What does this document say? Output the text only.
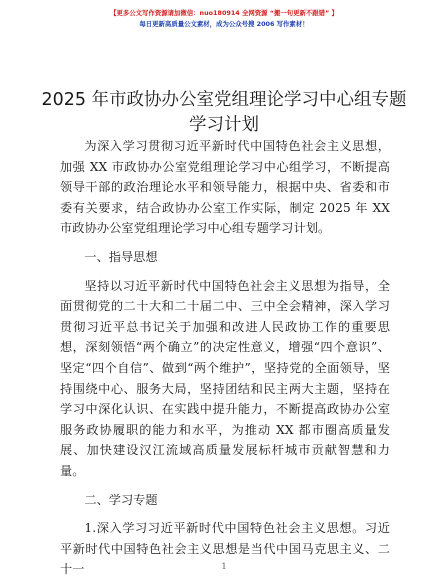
【更多公文写作资源请加微信：nuo180914 全网资源 “搬一句更新不跟错” 】
每日更新高质量公文素材，成为公众号搜 2006 写作素材！
2025 年市政协办公室党组理论学习中心组专题
学习计划

为深入学习贯彻习近平新时代中国特色社会主义思想，加强 XX 市政协办公室党组理论学习中心组学习，不断提高领导干部的政治理论水平和领导能力，根据中央、省委和市委有关要求，结合政协办公室工作实际，制定 2025 年 XX 市政协办公室党组理论学习中心组专题学习计划。

一、指导思想

坚持以习近平新时代中国特色社会主义思想为指导，全面贯彻党的二十大和二十届二中、三中全会精神，深入学习贯彻习近平总书记关于加强和改进人民政协工作的重要思想，深刻领悟“两个确立”的决定性意义，增强“四个意识”、坚定“四个自信”、做到“两个维护”，坚持党的全面领导，坚持围绕中心、服务大局，坚持团结和民主两大主题，坚持在学习中深化认识、在实践中提升能力，不断提高政协办公室服务政协履职的能力和水平，为推动 XX 都市圈高质量发展、加快建设汉江流域高质量发展标杆城市贡献智慧和力量。

二、学习专题

1.深入学习习近平新时代中国特色社会主义思想。习近平新时代中国特色社会主义思想是当代中国马克思主义、二十一	1
